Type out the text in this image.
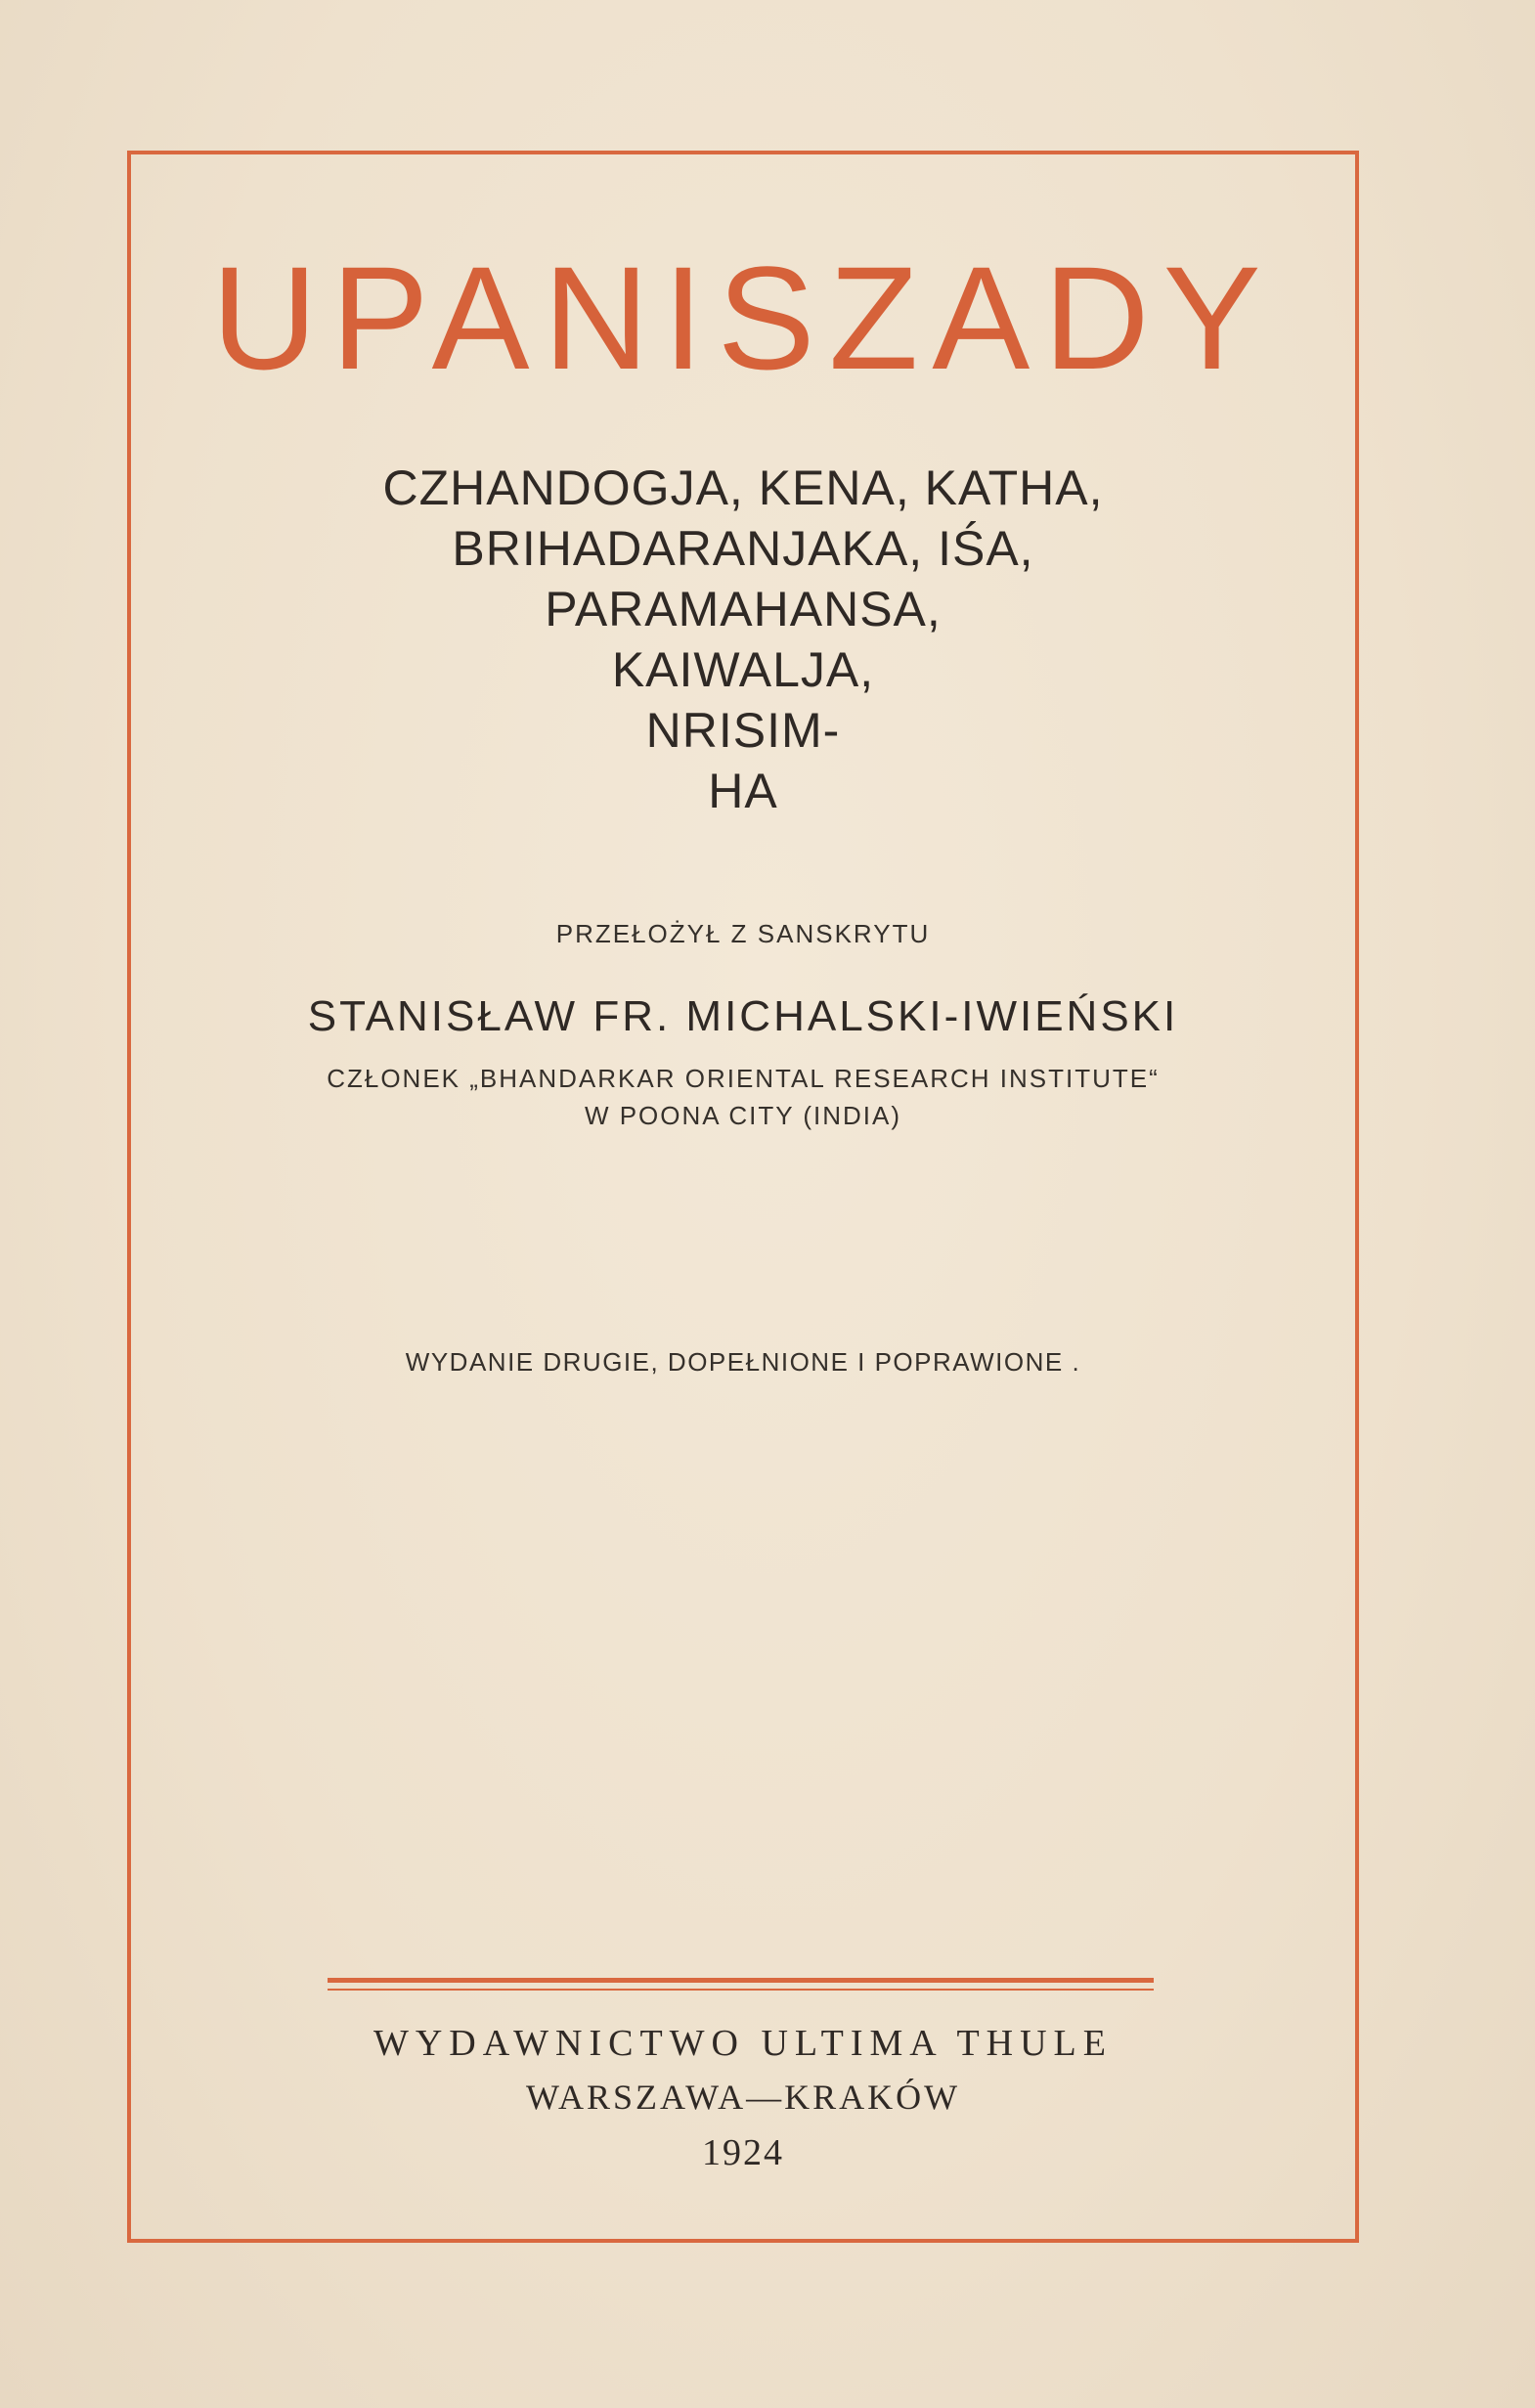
UPANISZADY
CZHANDOGJA, KENA, KATHA,
BRIHADARANJAKA, IŚA,
PARAMAHANSA,
KAIWALJA,
NRISIM-
HA
PRZEŁOŻYŁ Z SANSKRYTU
STANISŁAW FR. MICHALSKI-IWIEŃSKI
CZŁONEK „BHANDARKAR ORIENTAL RESEARCH INSTITUTE“
W POONA CITY (INDIA)
WYDANIE DRUGIE, DOPEŁNIONE I POPRAWIONE .
WYDAWNICTWO ULTIMA THULE
WARSZAWA—KRAKÓW
1924
